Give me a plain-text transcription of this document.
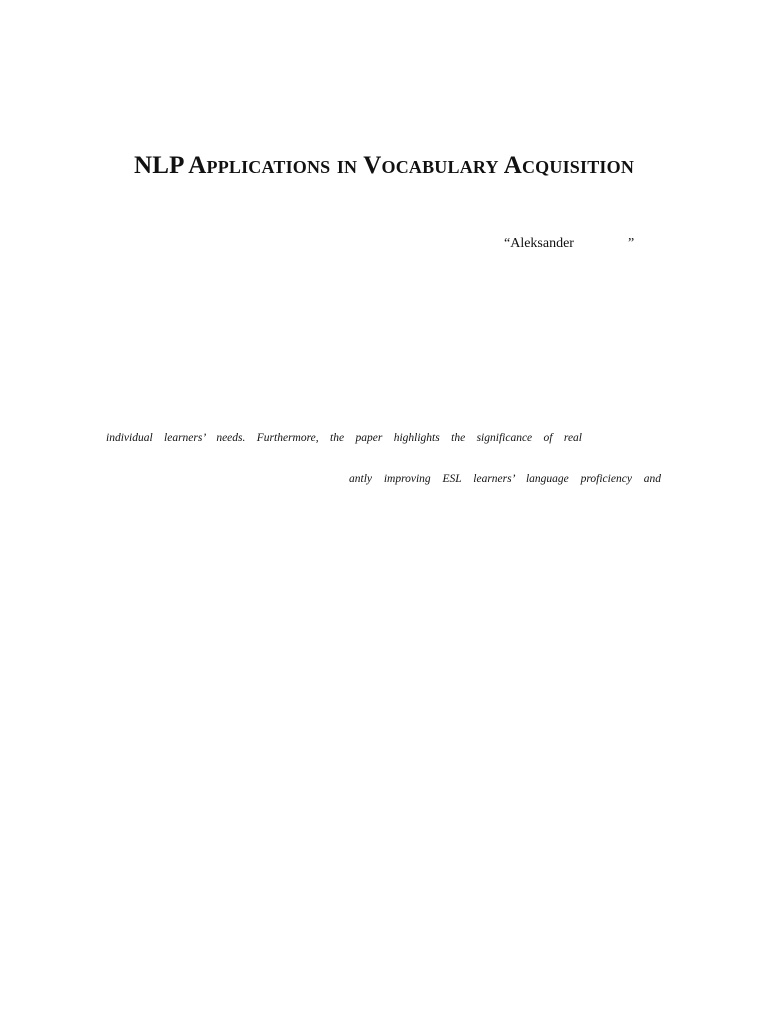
NLP Applications in Vocabulary Acquisition
“Aleksander	”
individual learners’ needs. Furthermore, the paper highlights the significance of real
antly improving ESL learners’ language proficiency and
